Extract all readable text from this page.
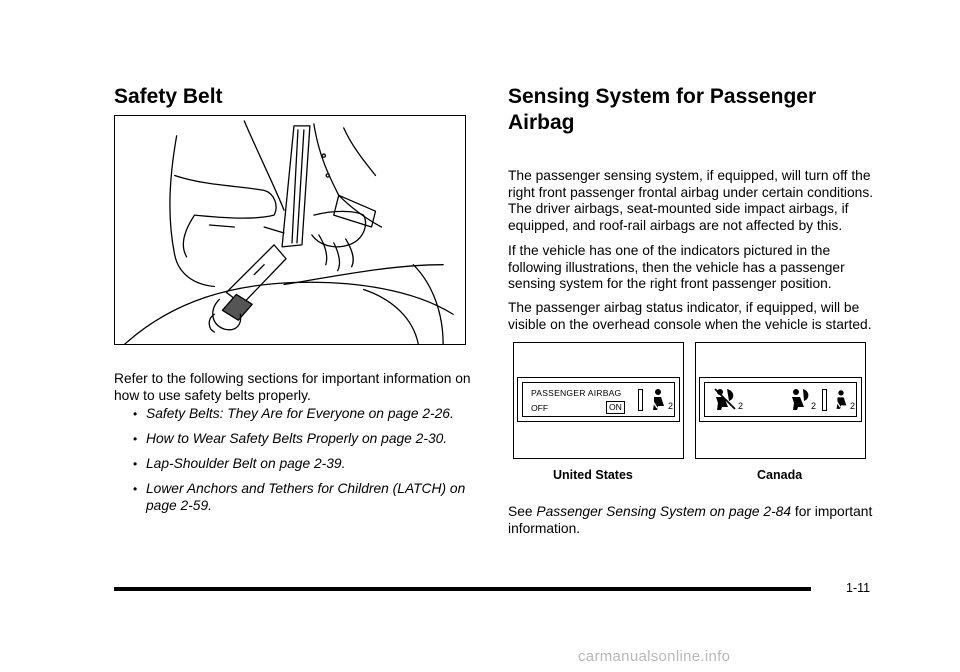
Safety Belt

Refer to the following sections for important information on how to use safety belts properly.

• Safety Belts: They Are for Everyone on page 2-26.
• How to Wear Safety Belts Properly on page 2-30.
• Lap-Shoulder Belt on page 2-39.
• Lower Anchors and Tethers for Children (LATCH) on page 2-59.
Sensing System for Passenger Airbag

The passenger sensing system, if equipped, will turn off the right front passenger frontal airbag under certain conditions. The driver airbags, seat-mounted side impact airbags, if equipped, and roof-rail airbags are not affected by this.

If the vehicle has one of the indicators pictured in the following illustrations, then the vehicle has a passenger sensing system for the right front passenger position.

The passenger airbag status indicator, if equipped, will be visible on the overhead console when the vehicle is started.

PASSENGER AIRBAG
OFF	ON	2	2	2	2
United States	Canada

See Passenger Sensing System on page 2-84 for important information.

1-11
carmanualsonline.info
